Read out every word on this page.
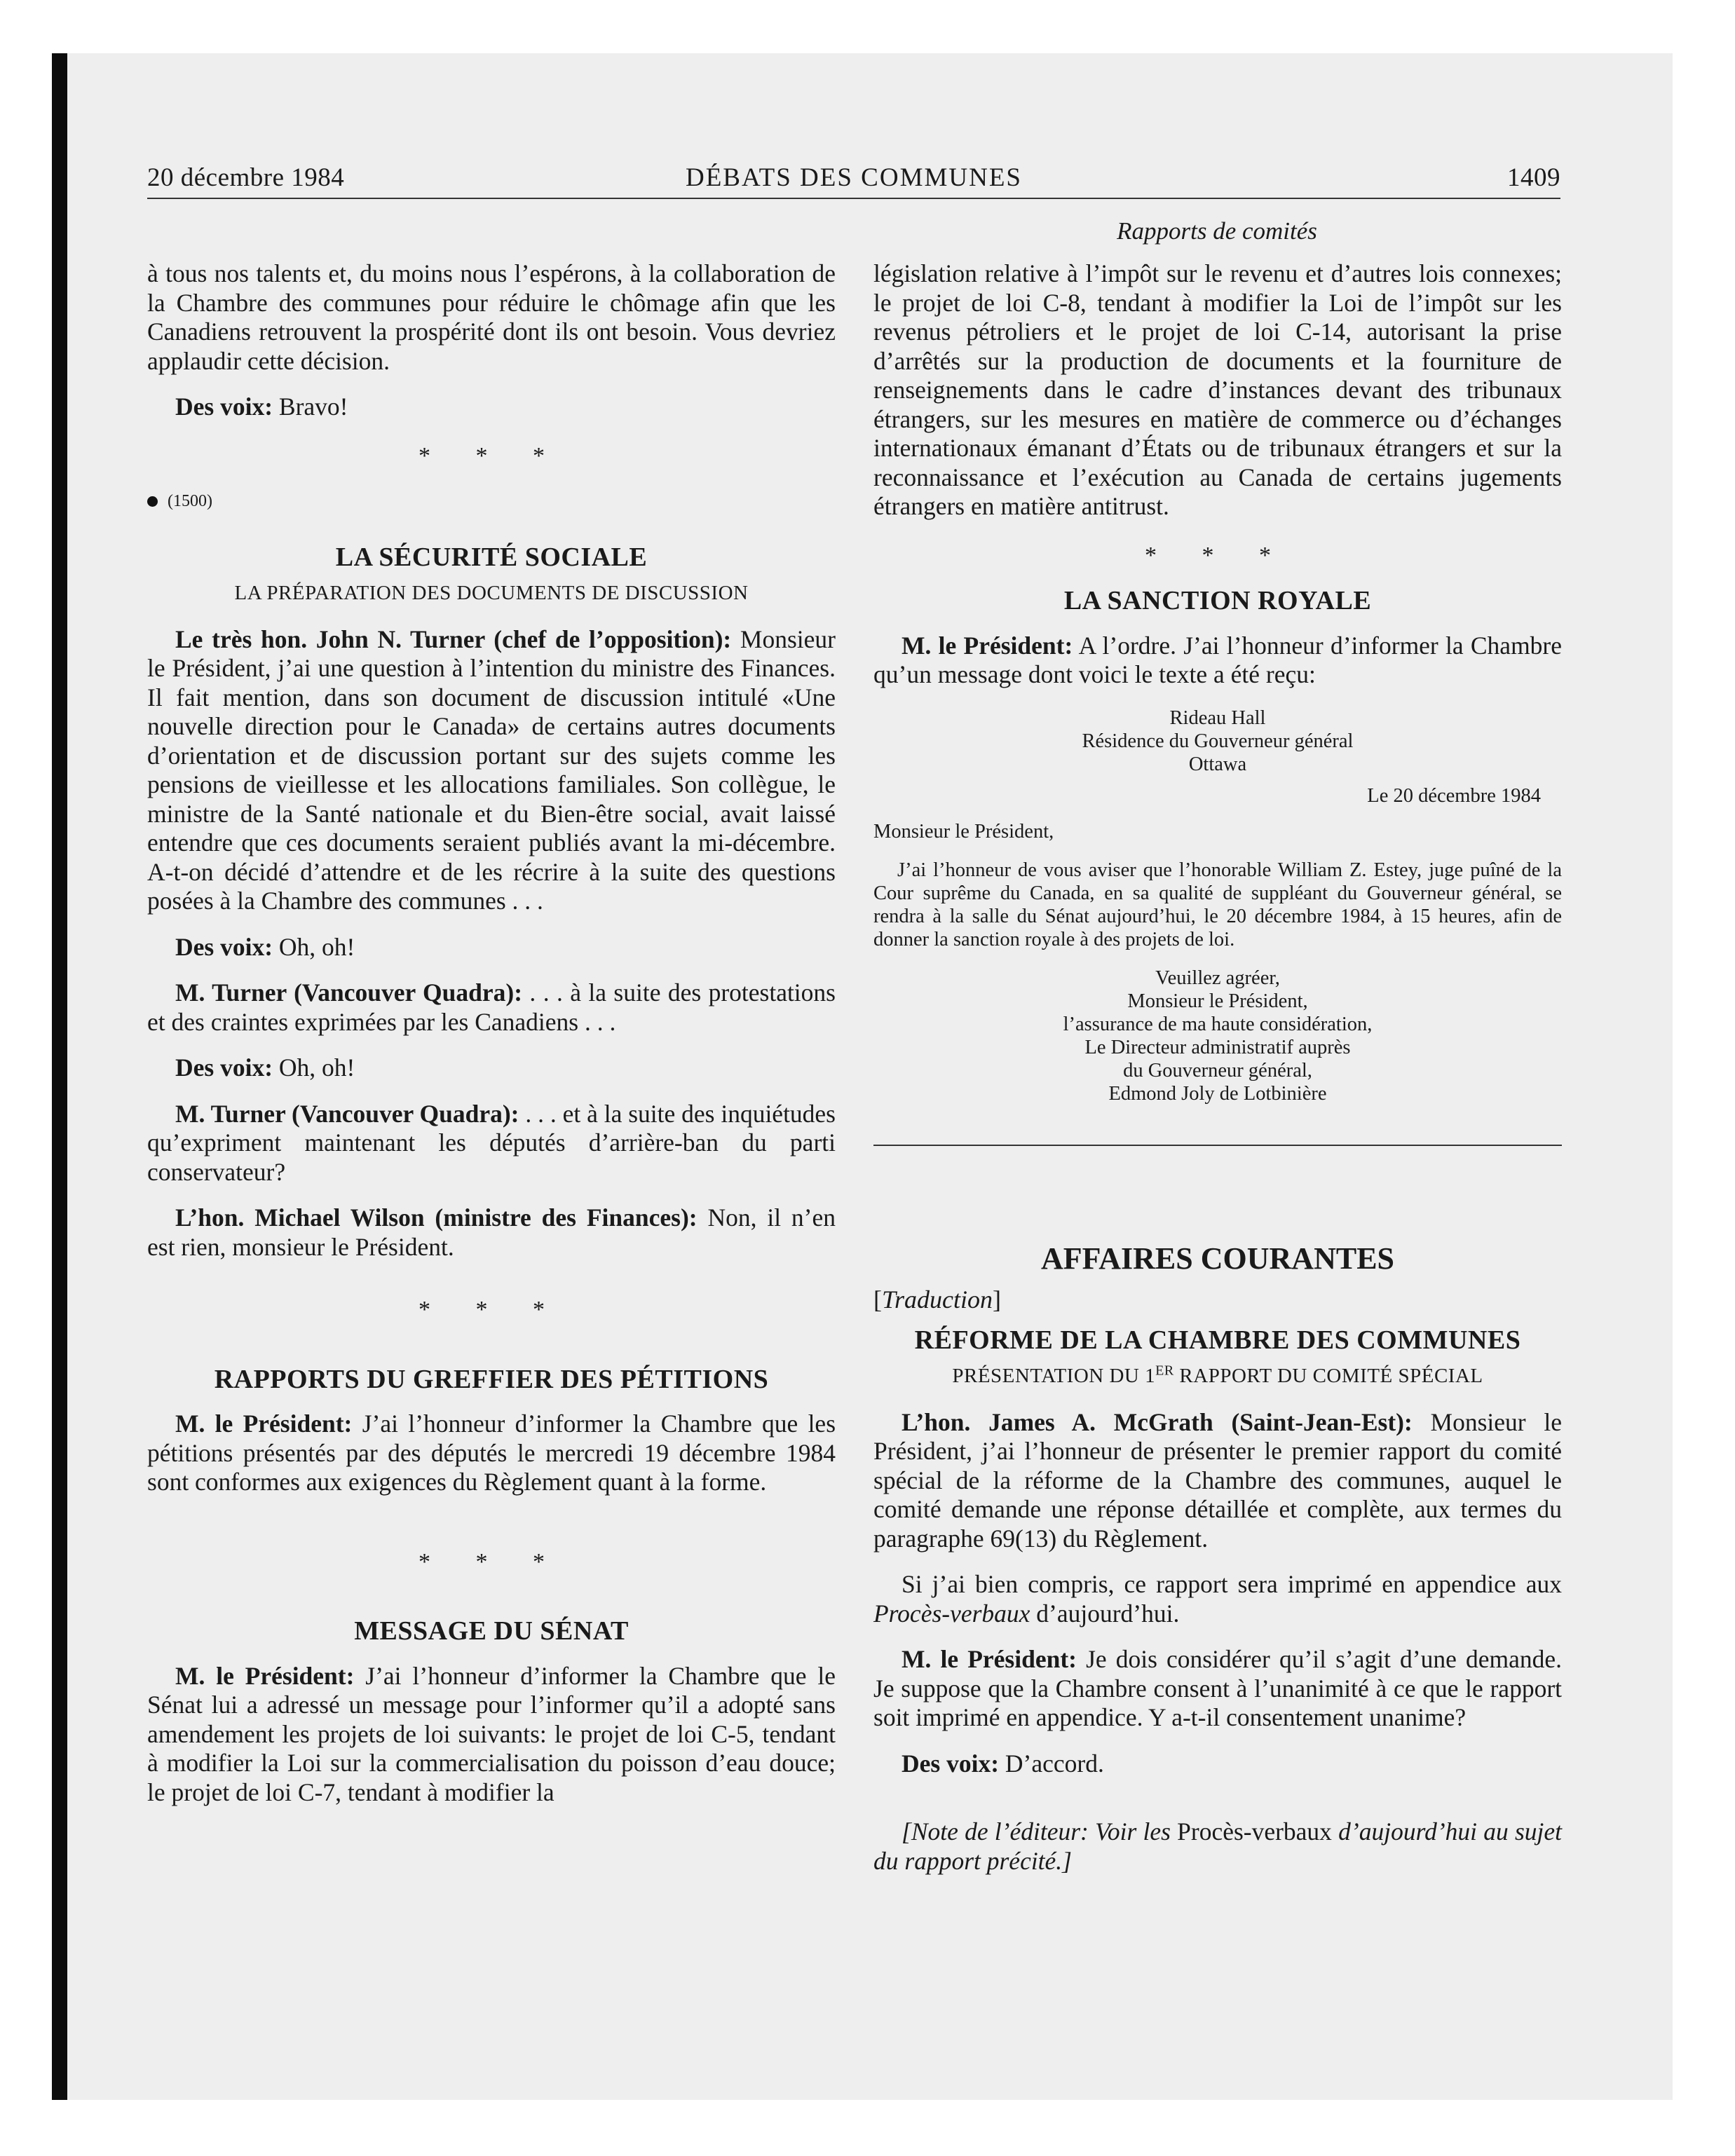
20 décembre 1984	DÉBATS DES COMMUNES	1409
Rapports de comités

à tous nos talents et, du moins nous l’espérons, à la collaboration de la Chambre des communes pour réduire le chômage afin que les Canadiens retrouvent la prospérité dont ils ont besoin. Vous devriez applaudir cette décision.

Des voix: Bravo!

* * *
(1500)
LA SÉCURITÉ SOCIALE
LA PRÉPARATION DES DOCUMENTS DE DISCUSSION

Le très hon. John N. Turner (chef de l’opposition): Monsieur le Président, j’ai une question à l’intention du ministre des Finances. Il fait mention, dans son document de discussion intitulé «Une nouvelle direction pour le Canada» de certains autres documents d’orientation et de discussion portant sur des sujets comme les pensions de vieillesse et les allocations familiales. Son collègue, le ministre de la Santé nationale et du Bien-être social, avait laissé entendre que ces documents seraient publiés avant la mi-décembre. A-t-on décidé d’attendre et de les récrire à la suite des questions posées à la Chambre des communes . . .

Des voix: Oh, oh!

M. Turner (Vancouver Quadra): . . . à la suite des protestations et des craintes exprimées par les Canadiens . . .

Des voix: Oh, oh!

M. Turner (Vancouver Quadra): . . . et à la suite des inquiétudes qu’expriment maintenant les députés d’arrière-ban du parti conservateur?

L’hon. Michael Wilson (ministre des Finances): Non, il n’en est rien, monsieur le Président.

* * *
RAPPORTS DU GREFFIER DES PÉTITIONS

M. le Président: J’ai l’honneur d’informer la Chambre que les pétitions présentés par des députés le mercredi 19 décembre 1984 sont conformes aux exigences du Règlement quant à la forme.

* * *
MESSAGE DU SÉNAT

M. le Président: J’ai l’honneur d’informer la Chambre que le Sénat lui a adressé un message pour l’informer qu’il a adopté sans amendement les projets de loi suivants: le projet de loi C-5, tendant à modifier la Loi sur la commercialisation du poisson d’eau douce; le projet de loi C-7, tendant à modifier la

législation relative à l’impôt sur le revenu et d’autres lois connexes; le projet de loi C-8, tendant à modifier la Loi de l’impôt sur les revenus pétroliers et le projet de loi C-14, autorisant la prise d’arrêtés sur la production de documents et la fourniture de renseignements dans le cadre d’instances devant des tribunaux étrangers, sur les mesures en matière de commerce ou d’échanges internationaux émanant d’États ou de tribunaux étrangers et sur la reconnaissance et l’exécution au Canada de certains jugements étrangers en matière antitrust.

* * *
LA SANCTION ROYALE

M. le Président: A l’ordre. J’ai l’honneur d’informer la Chambre qu’un message dont voici le texte a été reçu:

Rideau Hall
Résidence du Gouverneur général
Ottawa
Le 20 décembre 1984
Monsieur le Président,

J’ai l’honneur de vous aviser que l’honorable William Z. Estey, juge puîné de la Cour suprême du Canada, en sa qualité de suppléant du Gouverneur général, se rendra à la salle du Sénat aujourd’hui, le 20 décembre 1984, à 15 heures, afin de donner la sanction royale à des projets de loi.

Veuillez agréer,
Monsieur le Président,
l’assurance de ma haute considération,
Le Directeur administratif auprès
du Gouverneur général,
Edmond Joly de Lotbinière
AFFAIRES COURANTES

[Traduction]

RÉFORME DE LA CHAMBRE DES COMMUNES
PRÉSENTATION DU 1ER RAPPORT DU COMITÉ SPÉCIAL

L’hon. James A. McGrath (Saint-Jean-Est): Monsieur le Président, j’ai l’honneur de présenter le premier rapport du comité spécial de la réforme de la Chambre des communes, auquel le comité demande une réponse détaillée et complète, aux termes du paragraphe 69(13) du Règlement.

Si j’ai bien compris, ce rapport sera imprimé en appendice aux Procès-verbaux d’aujourd’hui.

M. le Président: Je dois considérer qu’il s’agit d’une demande. Je suppose que la Chambre consent à l’unanimité à ce que le rapport soit imprimé en appendice. Y a-t-il consentement unanime?

Des voix: D’accord.

[Note de l’éditeur: Voir les Procès-verbaux d’aujourd’hui au sujet du rapport précité.]
